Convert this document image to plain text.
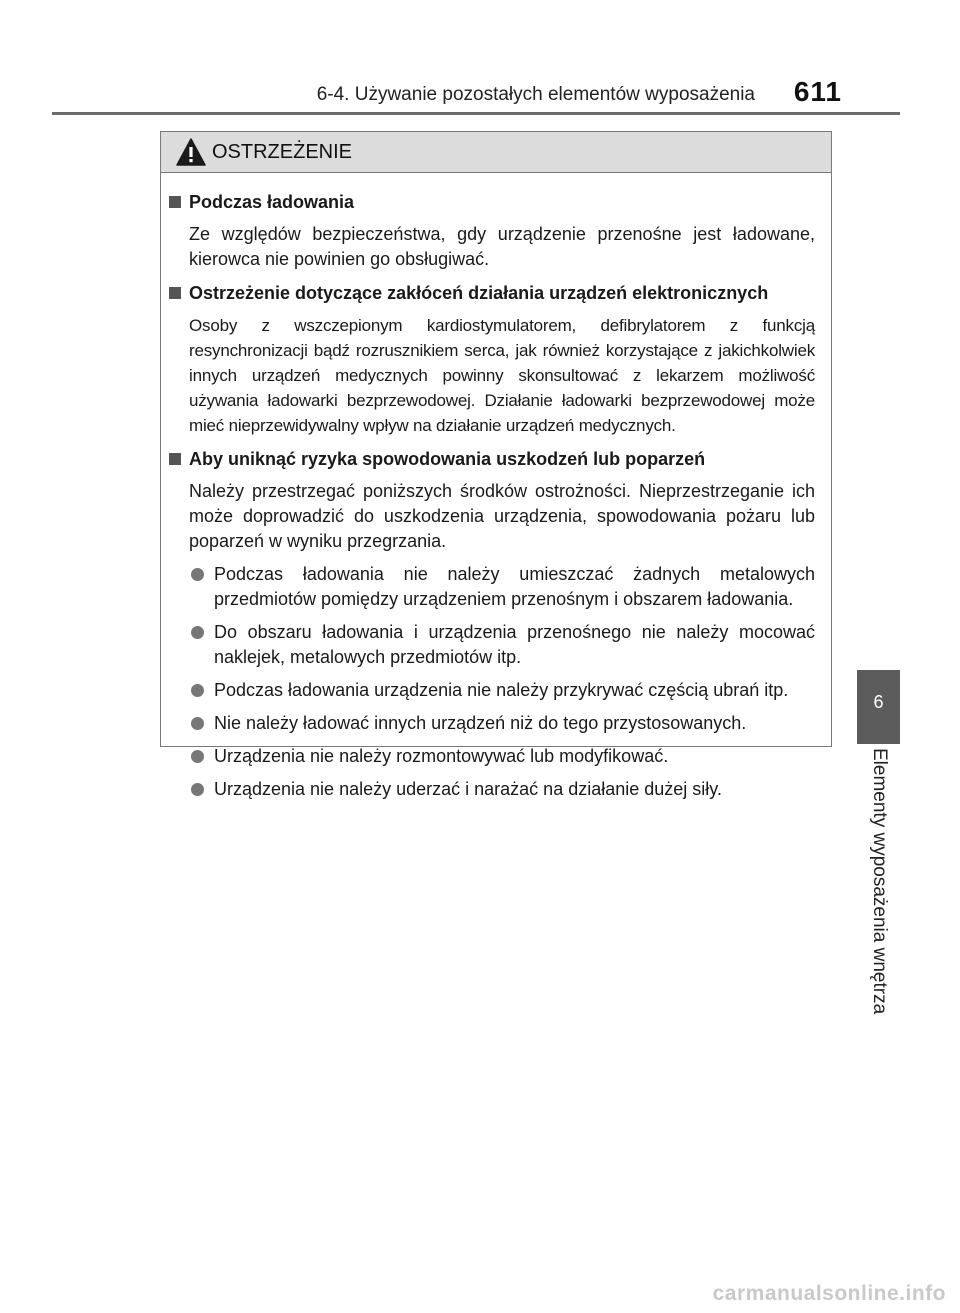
6-4. Używanie pozostałych elementów wyposażenia 611
6
Elementy wyposażenia wnętrza
OSTRZEŻENIE
Podczas ładowania
Ze względów bezpieczeństwa, gdy urządzenie przenośne jest ładowane, kierowca nie powinien go obsługiwać.
Ostrzeżenie dotyczące zakłóceń działania urządzeń elektronicznych
Osoby z wszczepionym kardiostymulatorem, defibrylatorem z funkcją resynchronizacji bądź rozrusznikiem serca, jak również korzystające z jakichkolwiek innych urządzeń medycznych powinny skonsultować z lekarzem możliwość używania ładowarki bezprzewodowej. Działanie ładowarki bezprzewodowej może mieć nieprzewidywalny wpływ na działanie urządzeń medycznych.
Aby uniknąć ryzyka spowodowania uszkodzeń lub poparzeń
Należy przestrzegać poniższych środków ostrożności. Nieprzestrzeganie ich może doprowadzić do uszkodzenia urządzenia, spowodowania pożaru lub poparzeń w wyniku przegrzania.
Podczas ładowania nie należy umieszczać żadnych metalowych przedmiotów pomiędzy urządzeniem przenośnym i obszarem ładowania.
Do obszaru ładowania i urządzenia przenośnego nie należy mocować naklejek, metalowych przedmiotów itp.
Podczas ładowania urządzenia nie należy przykrywać częścią ubrań itp.
Nie należy ładować innych urządzeń niż do tego przystosowanych.
Urządzenia nie należy rozmontowywać lub modyfikować.
Urządzenia nie należy uderzać i narażać na działanie dużej siły.
carmanualsonline.info
